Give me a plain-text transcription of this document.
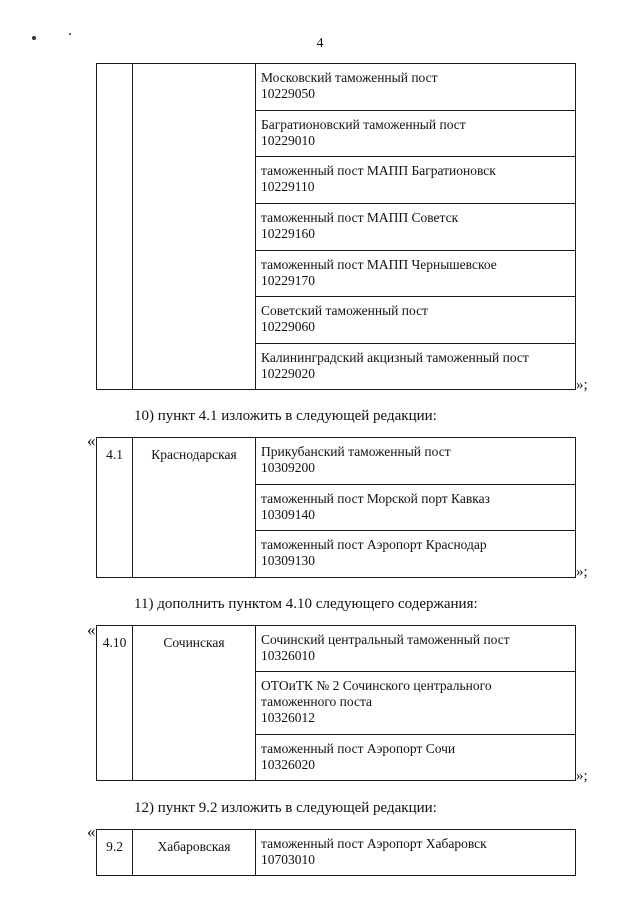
4

Московский таможенный пост
10229050

Багратионовский таможенный пост
10229010

таможенный пост МАПП Багратионовск
10229110

таможенный пост МАПП Советск
10229160

таможенный пост МАПП Чернышевское
10229170

Советский таможенный пост
10229060

Калининградский акцизный таможенный пост
10229020
»;
10) пункт 4.1 изложить в следующей редакции:
«
4.1	Краснодарская	Прикубанский таможенный пост
10309200

таможенный пост Морской порт Кавказ
10309140

таможенный пост Аэропорт Краснодар
10309130
»;
11) дополнить пунктом 4.10 следующего содержания:
«
4.10	Сочинская	Сочинский центральный таможенный пост
10326010

ОТОиТК № 2 Сочинского центрального
таможенного поста
10326012

таможенный пост Аэропорт Сочи
10326020
»;
12) пункт 9.2 изложить в следующей редакции:
«
9.2	Хабаровская	таможенный пост Аэропорт Хабаровск
10703010
